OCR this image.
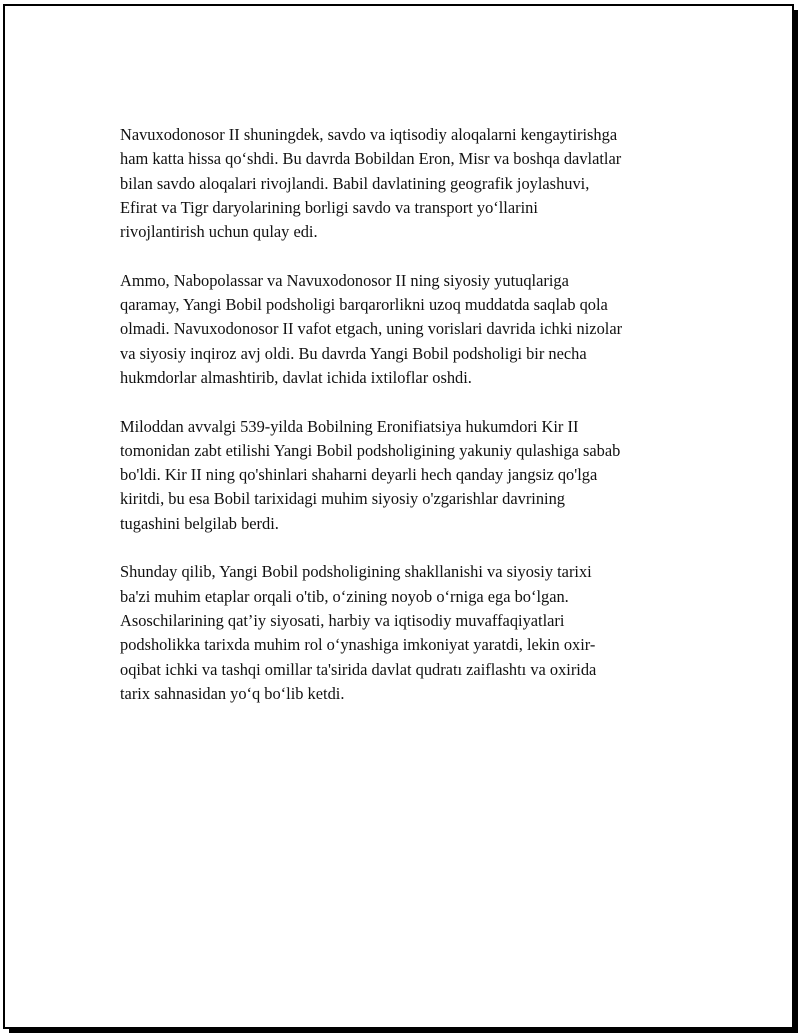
Navuxodonosor II shuningdek, savdo va iqtisodiy aloqalarni kengaytirishga
ham katta hissa qo‘shdi. Bu davrda Bobildan Eron, Misr va boshqa davlatlar
bilan savdo aloqalari rivojlandi. Babil davlatining geografik joylashuvi,
Efirat va Tigr daryolarining borligi savdo va transport yo‘llarini
rivojlantirish uchun qulay edi.

Ammo, Nabopolassar va Navuxodonosor II ning siyosiy yutuqlariga
qaramay, Yangi Bobil podsholigi barqarorlikni uzoq muddatda saqlab qola
olmadi. Navuxodonosor II vafot etgach, uning vorislari davrida ichki nizolar
va siyosiy inqiroz avj oldi. Bu davrda Yangi Bobil podsholigi bir necha
hukmdorlar almashtirib, davlat ichida ixtiloflar oshdi.

Miloddan avvalgi 539-yilda Bobilning Eronifiatsiya hukumdori Kir II
tomonidan zabt etilishi Yangi Bobil podsholigining yakuniy qulashiga sabab
bo'ldi. Kir II ning qo'shinlari shaharni deyarli hech qanday jangsiz qo'lga
kiritdi, bu esa Bobil tarixidagi muhim siyosiy o'zgarishlar davrining
tugashini belgilab berdi.

Shunday qilib, Yangi Bobil podsholigining shakllanishi va siyosiy tarixi
ba'zi muhim etaplar orqali o'tib, o‘zining noyob o‘rniga ega bo‘lgan.
Asoschilarining qat’iy siyosati, harbiy va iqtisodiy muvaffaqiyatlari
podsholikka tarixda muhim rol o‘ynashiga imkoniyat yaratdi, lekin oxir-
oqibat ichki va tashqi omillar ta'sirida davlat qudratı zaiflashtı va oxirida
tarix sahnasidan yo‘q bo‘lib ketdi.
